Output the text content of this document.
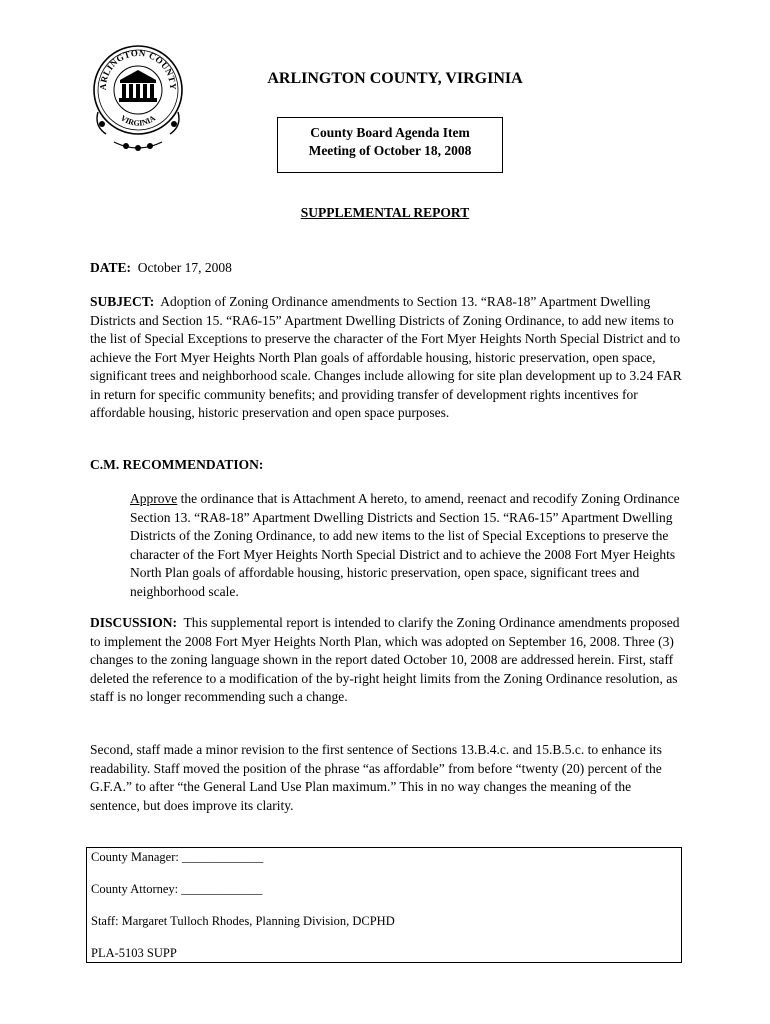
ARLINGTON COUNTY
VIRGINIA
ARLINGTON COUNTY, VIRGINIA
County Board Agenda Item
Meeting of October 18, 2008
SUPPLEMENTAL REPORT
DATE: October 17, 2008
SUBJECT: Adoption of Zoning Ordinance amendments to Section 13. “RA8-18” Apartment Dwelling Districts and Section 15. “RA6-15” Apartment Dwelling Districts of Zoning Ordinance, to add new items to the list of Special Exceptions to preserve the character of the Fort Myer Heights North Special District and to achieve the Fort Myer Heights North Plan goals of affordable housing, historic preservation, open space, significant trees and neighborhood scale. Changes include allowing for site plan development up to 3.24 FAR in return for specific community benefits; and providing transfer of development rights incentives for affordable housing, historic preservation and open space purposes.
C.M. RECOMMENDATION:
Approve the ordinance that is Attachment A hereto, to amend, reenact and recodify Zoning Ordinance Section 13. “RA8-18” Apartment Dwelling Districts and Section 15. “RA6-15” Apartment Dwelling Districts of the Zoning Ordinance, to add new items to the list of Special Exceptions to preserve the character of the Fort Myer Heights North Special District and to achieve the 2008 Fort Myer Heights North Plan goals of affordable housing, historic preservation, open space, significant trees and neighborhood scale.
DISCUSSION: This supplemental report is intended to clarify the Zoning Ordinance amendments proposed to implement the 2008 Fort Myer Heights North Plan, which was adopted on September 16, 2008. Three (3) changes to the zoning language shown in the report dated October 10, 2008 are addressed herein. First, staff deleted the reference to a modification of the by-right height limits from the Zoning Ordinance resolution, as staff is no longer recommending such a change.
Second, staff made a minor revision to the first sentence of Sections 13.B.4.c. and 15.B.5.c. to enhance its readability. Staff moved the position of the phrase “as affordable” from before “twenty (20) percent of the G.F.A.” to after “the General Land Use Plan maximum.” This in no way changes the meaning of the sentence, but does improve its clarity.
County Manager: _____________
County Attorney: _____________
Staff: Margaret Tulloch Rhodes, Planning Division, DCPHD
PLA-5103 SUPP
